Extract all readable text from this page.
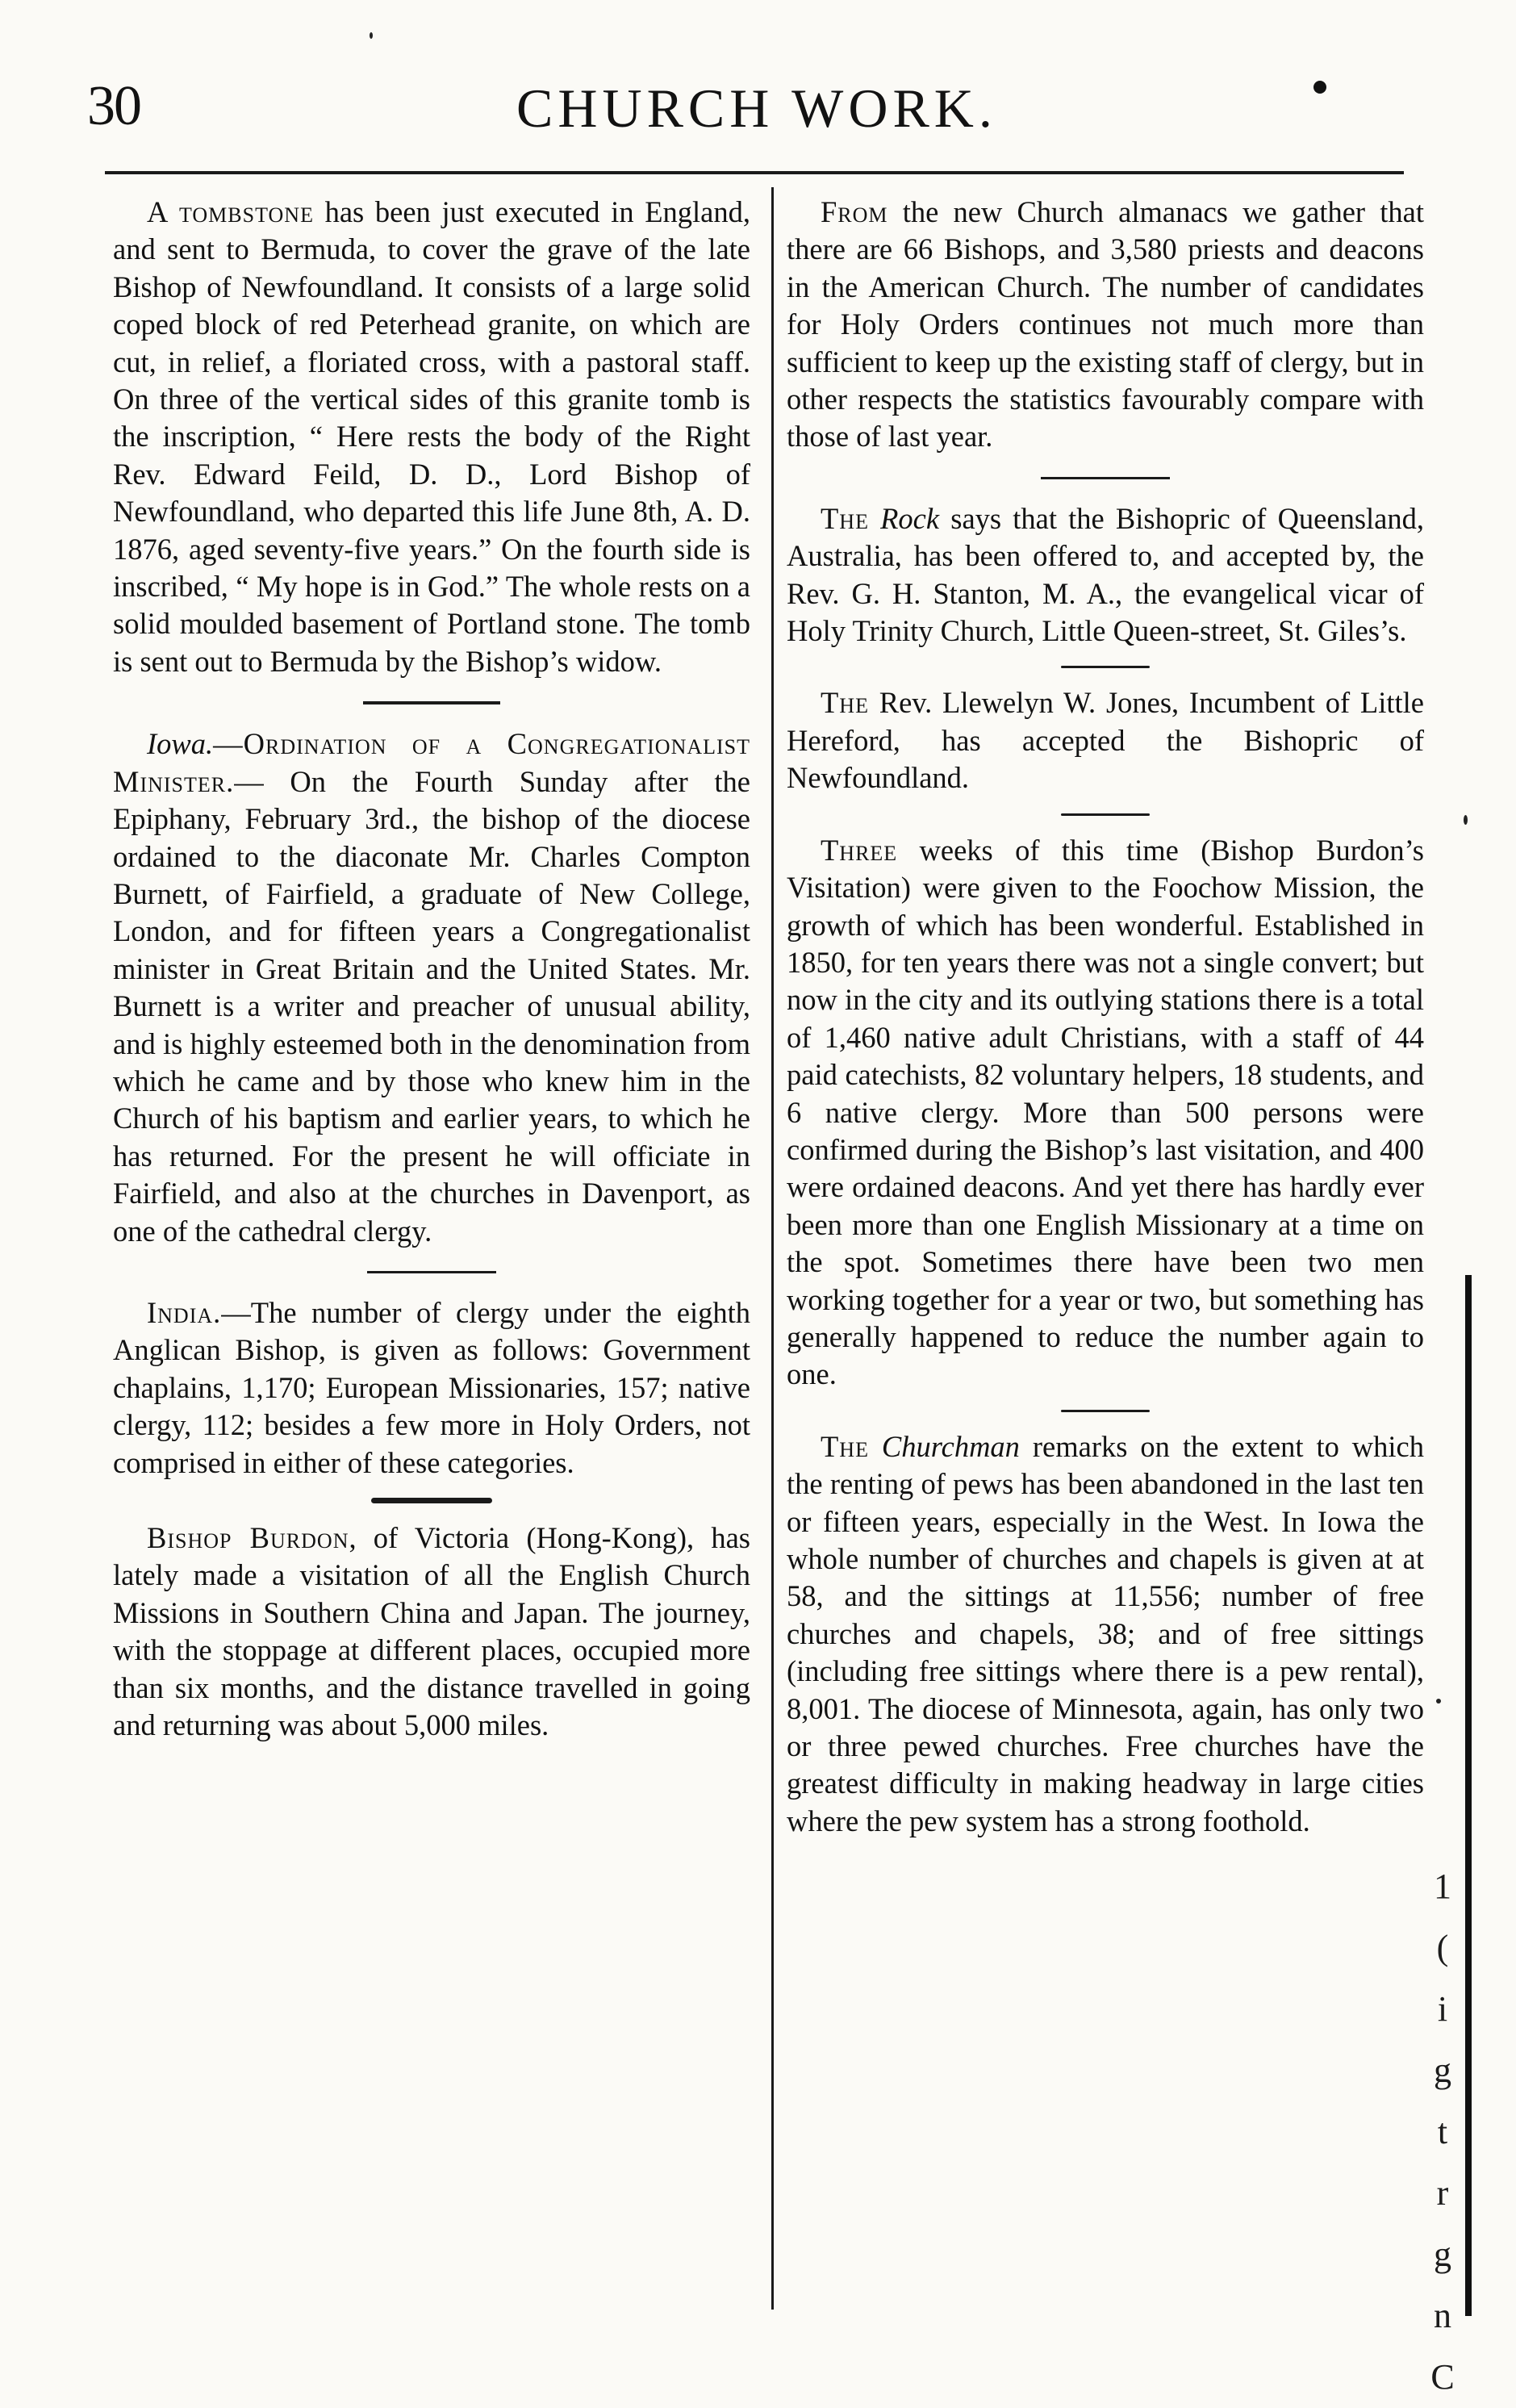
30	CHURCH WORK.

A tombstone has been just executed in England, and sent to Bermuda, to cover the grave of the late Bishop of Newfoundland. It consists of a large solid coped block of red Peterhead granite, on which are cut, in relief, a floriated cross, with a pastoral staff. On three of the vertical sides of this granite tomb is the inscription, “ Here rests the body of the Right Rev. Edward Feild, D. D., Lord Bishop of Newfoundland, who departed this life June 8th, A. D. 1876, aged seventy-five years.” On the fourth side is inscribed, “ My hope is in God.” The whole rests on a solid moulded basement of Portland stone. The tomb is sent out to Bermuda by the Bishop’s widow.

Iowa.—Ordination of a Congregationalist Minister.— On the Fourth Sunday after the Epiphany, February 3rd., the bishop of the diocese ordained to the diaconate Mr. Charles Compton Burnett, of Fairfield, a graduate of New College, London, and for fifteen years a Congregationalist minister in Great Britain and the United States. Mr. Burnett is a writer and preacher of unusual ability, and is highly esteemed both in the denomination from which he came and by those who knew him in the Church of his baptism and earlier years, to which he has returned. For the present he will officiate in Fairfield, and also at the churches in Davenport, as one of the cathedral clergy.

India.—The number of clergy under the eighth Anglican Bishop, is given as follows: Government chaplains, 1,170; European Missionaries, 157; native clergy, 112; besides a few more in Holy Orders, not comprised in either of these categories.

Bishop Burdon, of Victoria (Hong-Kong), has lately made a visitation of all the English Church Missions in Southern China and Japan. The journey, with the stoppage at different places, occupied more than six months, and the distance travelled in going and returning was about 5,000 miles.

From the new Church almanacs we gather that there are 66 Bishops, and 3,580 priests and deacons in the American Church. The number of candidates for Holy Orders continues not much more than sufficient to keep up the existing staff of clergy, but in other respects the statistics favourably compare with those of last year.

The Rock says that the Bishopric of Queensland, Australia, has been offered to, and accepted by, the Rev. G. H. Stanton, M. A., the evangelical vicar of Holy Trinity Church, Little Queen-street, St. Giles’s.

The Rev. Llewelyn W. Jones, Incumbent of Little Hereford, has accepted the Bishopric of Newfoundland.

Three weeks of this time (Bishop Burdon’s Visitation) were given to the Foochow Mission, the growth of which has been wonderful. Established in 1850, for ten years there was not a single convert; but now in the city and its outlying stations there is a total of 1,460 native adult Christians, with a staff of 44 paid catechists, 82 voluntary helpers, 18 students, and 6 native clergy. More than 500 persons were confirmed during the Bishop’s last visitation, and 400 were ordained deacons. And yet there has hardly ever been more than one English Missionary at a time on the spot. Sometimes there have been two men working together for a year or two, but something has generally happened to reduce the number again to one.

The Churchman remarks on the extent to which the renting of pews has been abandoned in the last ten or fifteen years, especially in the West. In Iowa the whole number of churches and chapels is given at at 58, and the sittings at 11,556; number of free churches and chapels, 38; and of free sittings (including free sittings where there is a pew rental), 8,001. The diocese of Minnesota, again, has only two or three pewed churches. Free churches have the greatest difficulty in making headway in large cities where the pew system has a strong foothold.

1
(
i
g
t
r
g
n
C
